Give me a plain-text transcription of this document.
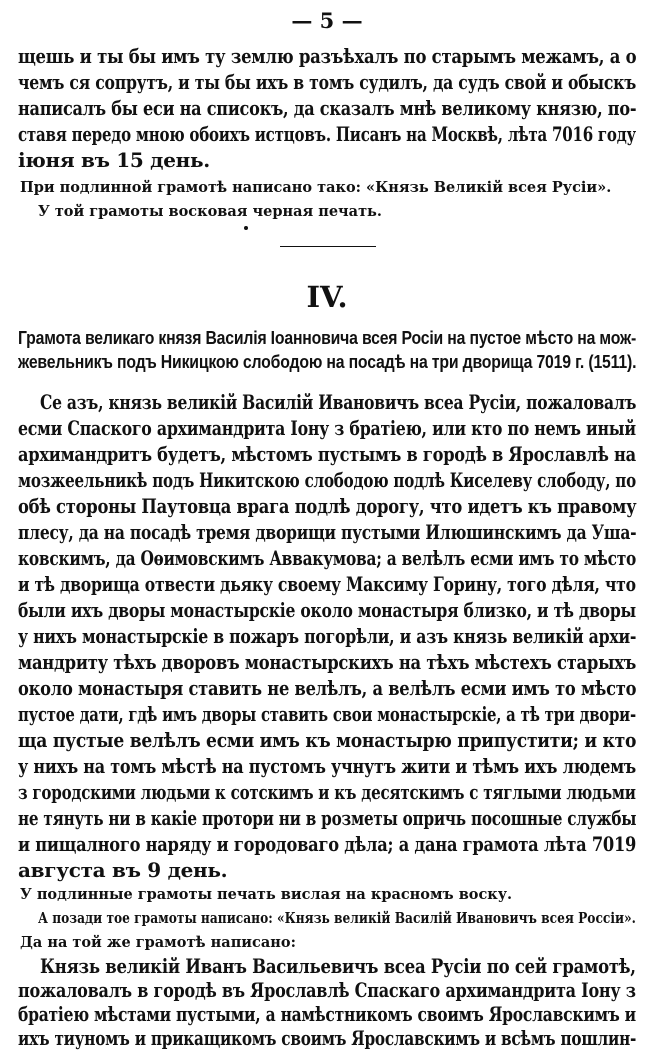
— 5 —
щешь и ты бы имъ ту землю разъѣхалъ по старымъ межамъ, а о
чемъ ся сопрутъ, и ты бы ихъ в томъ судилъ, да судъ свой и обыскъ
написалъ бы еси на списокъ, да сказалъ мнѣ великому князю, по-
ставя передо мною обоихъ истцовъ. Писанъ на Москвѣ, лѣта 7016 году
іюня въ 15 день.
При подлинной грамотѣ написано тако: «Князь Великій всея Русіи».
У той грамоты восковая черная печать.
IV.
Грамота великаго князя Василія Іоанновича всея Росіи на пустое мѣсто на мож-
жевельникъ подъ Никицкою слободою на посадѣ на три дворища 7019 г. (1511).
Се азъ, князь великій Василій Ивановичъ всеа Русіи, пожаловалъ
есми Спаского архимандрита Іону з братіею, или кто по немъ иный
архимандритъ будетъ, мѣстомъ пустымъ в городѣ в Ярославлѣ на
мозжеельникѣ подъ Никитскою слободою подлѣ Киселеву слободу, по
обѣ стороны Паутовца врага подлѣ дорогу, что идетъ къ правому
плесу, да на посадѣ тремя дворищи пустыми Илюшинскимъ да Ушa-
ковскимъ, да Оѳимовскимъ Аввакумова; а велѣлъ есми имъ то мѣсто
и тѣ дворища отвести дьяку своему Максиму Горину, того дѣля, что
были ихъ дворы монастырскіе около монастыря близко, и тѣ дворы
у нихъ монастырскіе в пожаръ погорѣли, и азъ князь великій архи-
мандриту тѣхъ дворовъ монастырскихъ на тѣхъ мѣстехъ старыхъ
около монастыря ставить не велѣлъ, а велѣлъ есми имъ то мѣсто
пустое дати, гдѣ имъ дворы ставить свои монастырскіе, а тѣ три двори-
ща пустые велѣлъ есми имъ къ монастырю припустити; и кто
у нихъ на томъ мѣстѣ на пустомъ учнутъ жити и тѣмъ ихъ людемъ
з городскими людьми к сотскимъ и къ десятскимъ с тяглыми людьми
не тянуть ни в какіе протори ни в розметы опричь посошные службы
и пищалного наряду и городоваго дѣла; а дана грамота лѣта 7019
августа въ 9 день.
У подлинные грамоты печать вислая на красномъ воску.
А позади тое грамоты написано: «Князь великій Василій Ивановичъ всея Россіи».
Да на той же грамотѣ написано:
Князь великій Иванъ Васильевичъ всеа Русіи по сей грамотѣ,
пожаловалъ в городѣ въ Ярославлѣ Спаскаго архимандрита Іону з
братіею мѣстами пустыми, а намѣстникомъ своимъ Ярославскимъ и
ихъ тиуномъ и прикащикомъ своимъ Ярославскимъ и всѣмъ пошлин-
